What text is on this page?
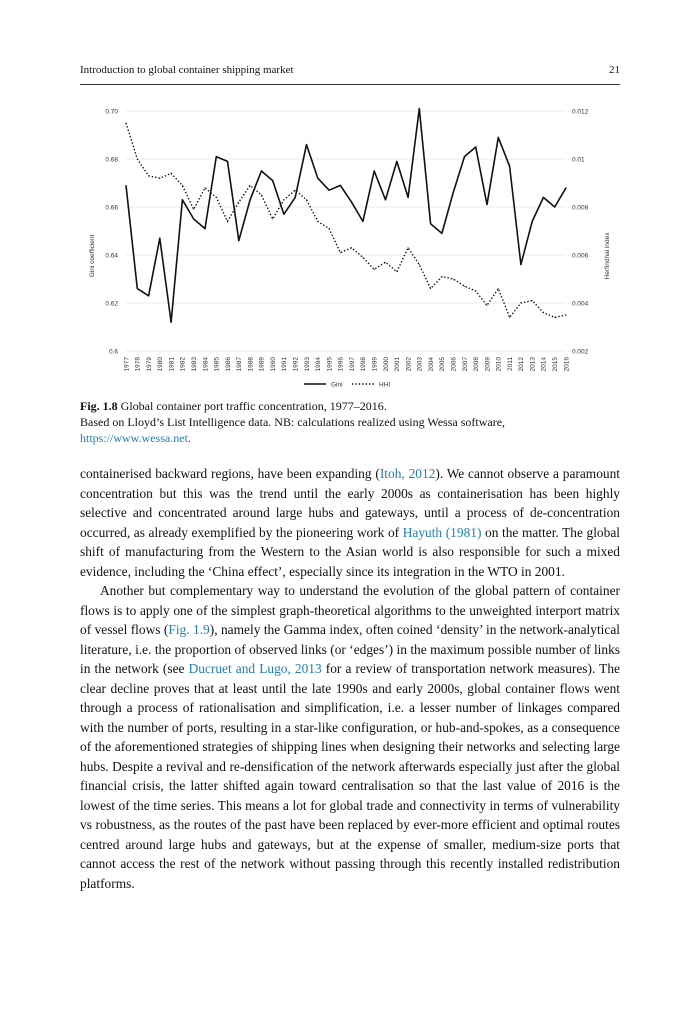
Introduction to global container shipping market	21
0.70
0.68
0.66
0.64
0.62
0.6
0.012
0.01
0.008
0.006
0.004
0.002
1977 1978 1979 1980 1981 1982 1983 1984 1985 1986 1987 1988 1989 1990 1991 1992 1993 1994 1995 1996 1997 1998 1999 2000 2001 2002 2003 2004 2005 2006 2007 2008 2009 2010 2011 2012 2013 2014 2015 2016
Gini coefficient	Herfindhal index
Gini	HHI
Fig. 1.8 Global container port traffic concentration, 1977–2016.
Based on Lloyd’s List Intelligence data. NB: calculations realized using Wessa software,
https://www.wessa.net.

containerised backward regions, have been expanding (Itoh, 2012). We cannot observe a paramount concentration but this was the trend until the early 2000s as containerisation has been highly selective and concentrated around large hubs and gateways, until a process of de-concentration occurred, as already exemplified by the pioneering work of Hayuth (1981) on the matter. The global shift of manufacturing from the Western to the Asian world is also responsible for such a mixed evidence, including the ‘China effect’, especially since its integration in the WTO in 2001.

Another but complementary way to understand the evolution of the global pattern of container flows is to apply one of the simplest graph-theoretical algorithms to the unweighted interport matrix of vessel flows (Fig. 1.9), namely the Gamma index, often coined ‘density’ in the network-analytical literature, i.e. the proportion of observed links (or ‘edges’) in the maximum possible number of links in the network (see Ducruet and Lugo, 2013 for a review of transportation network measures). The clear decline proves that at least until the late 1990s and early 2000s, global container flows went through a process of rationalisation and simplification, i.e. a lesser number of linkages compared with the number of ports, resulting in a star-like configuration, or hub-and-spokes, as a consequence of the aforementioned strategies of shipping lines when designing their networks and selecting large hubs. Despite a revival and re-densification of the network afterwards especially just after the global financial crisis, the latter shifted again toward centralisation so that the last value of 2016 is the lowest of the time series. This means a lot for global trade and connectivity in terms of vulnerability vs robustness, as the routes of the past have been replaced by ever-more efficient and optimal routes centred around large hubs and gateways, but at the expense of smaller, medium-size ports that cannot access the rest of the network without passing through this recently installed redistribution platforms.
